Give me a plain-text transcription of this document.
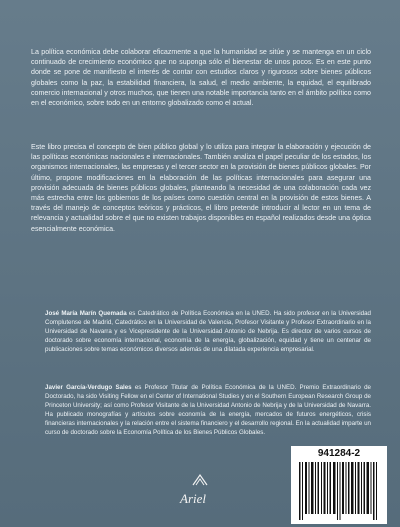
La política económica debe colaborar eficazmente a que la humanidad se sitúe y se mantenga en un ciclo continuado de crecimiento económico que no suponga sólo el bienestar de unos pocos. Es en este punto donde se pone de manifiesto el interés de contar con estudios claros y rigurosos sobre bienes públicos globales como la paz, la estabilidad financiera, la salud, el medio ambiente, la equidad, el equilibrado comercio internacional y otros muchos, que tienen una notable importancia tanto en el ámbito político como en el económico, sobre todo en un entorno globalizado como el actual.

Este libro precisa el concepto de bien público global y lo utiliza para integrar la elaboración y ejecución de las políticas económicas nacionales e internacionales. También analiza el papel peculiar de los estados, los organismos internacionales, las empresas y el tercer sector en la provisión de bienes públicos globales. Por último, propone modificaciones en la elaboración de las políticas internacionales para asegurar una provisión adecuada de bienes públicos globales, planteando la necesidad de una colaboración cada vez más estrecha entre los gobiernos de los países como cuestión central en la provisión de estos bienes. A través del manejo de conceptos teóricos y prácticos, el libro pretende introducir al lector en un tema de relevancia y actualidad sobre el que no existen trabajos disponibles en español realizados desde una óptica esencialmente económica.

José María Marín Quemada es Catedrático de Política Económica en la UNED. Ha sido profesor en la Universidad Complutense de Madrid, Catedrático en la Universidad de Valencia, Profesor Visitante y Profesor Extraordinario en la Universidad de Navarra y es Vicepresidente de la Universidad Antonio de Nebrija. Es director de varios cursos de doctorado sobre economía internacional, economía de la energía, globalización, equidad y tiene un centenar de publicaciones sobre temas económicos diversos además de una dilatada experiencia empresarial.

Javier García-Verdugo Sales es Profesor Titular de Política Económica de la UNED. Premio Extraordinario de Doctorado, ha sido Visiting Fellow en el Center of International Studies y en el Southern European Research Group de Princeton University; así como Profesor Visitante de la Universidad Antonio de Nebrija y de la Universidad de Navarra. Ha publicado monografías y artículos sobre economía de la energía, mercados de futuros energéticos, crisis financieras internacionales y la relación entre el sistema financiero y el desarrollo regional. En la actualidad imparte un curso de doctorado sobre la Economía Política de los Bienes Públicos Globales.

941284-2
Ariel
